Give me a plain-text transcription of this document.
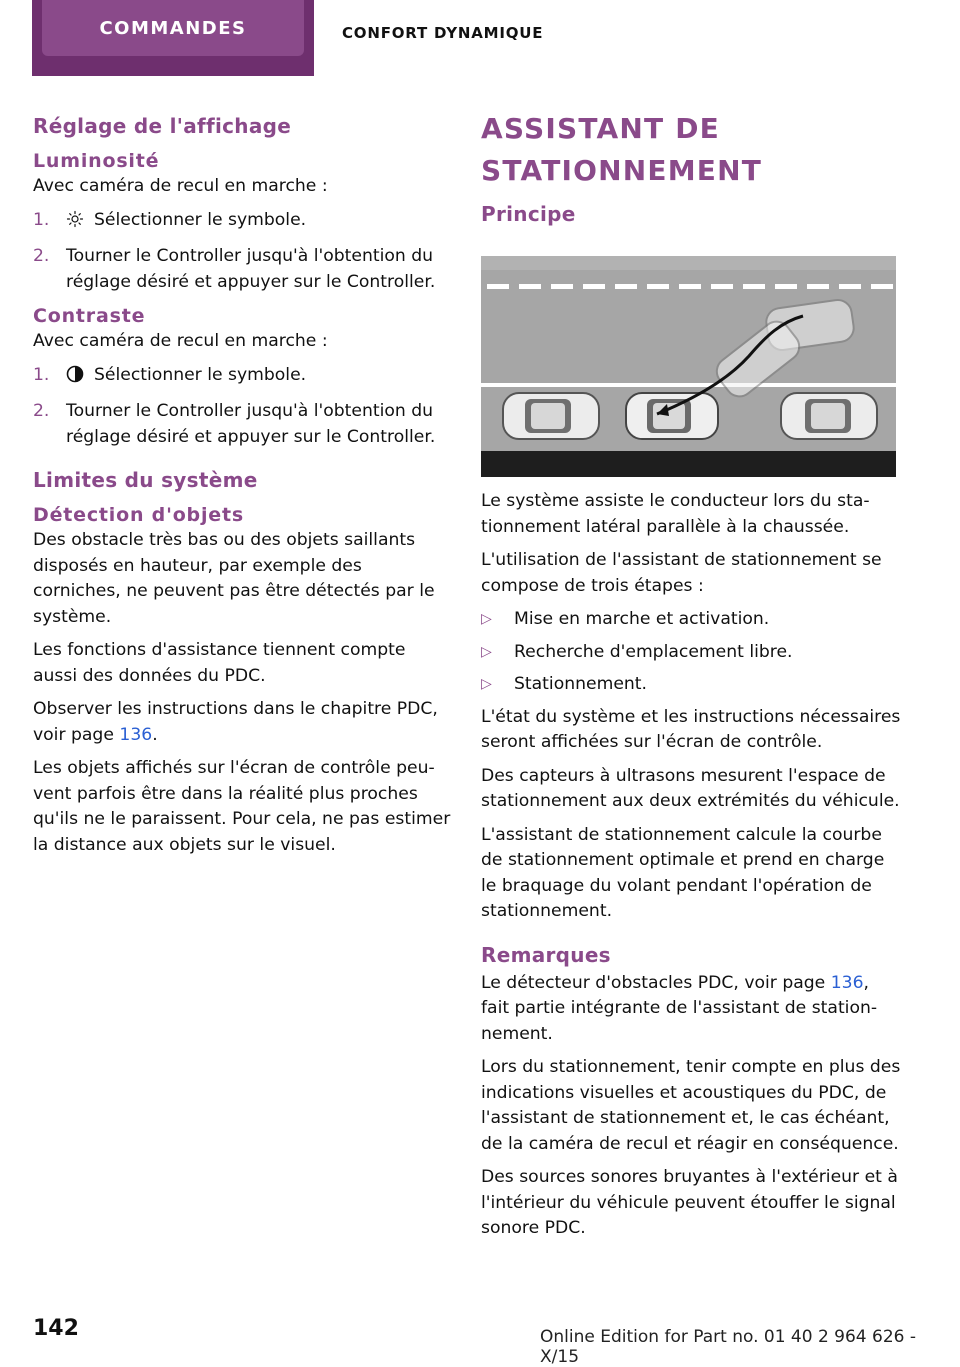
COMMANDES	CONFORT DYNAMIQUE
Réglage de l'affichage
Luminosité

Avec caméra de recul en marche :

1.	Sélectionner le symbole.
2. Tourner le Controller jusqu'à l'obtention du réglage désiré et appuyer sur le Controller.
Contraste

Avec caméra de recul en marche :

1.	Sélectionner le symbole.
2. Tourner le Controller jusqu'à l'obtention du réglage désiré et appuyer sur le Controller.
Limites du système
Détection d'objets

Des obstacle très bas ou des objets saillants disposés en hauteur, par exemple des corniches, ne peuvent pas être détectés par le système.

Les fonctions d'assistance tiennent compte aussi des données du PDC.

Observer les instructions dans le chapitre PDC, voir page 136.

Les objets affichés sur l'écran de contrôle peuvent parfois être dans la réalité plus proches qu'ils ne le paraissent. Pour cela, ne pas estimer la distance aux objets sur le visuel.

ASSISTANT DE STATIONNEMENT
Principe

Le système assiste le conducteur lors du stationnement latéral parallèle à la chaussée.

L'utilisation de l'assistant de stationnement se compose de trois étapes :

▷ Mise en marche et activation.
▷ Recherche d'emplacement libre.
▷ Stationnement.

L'état du système et les instructions nécessaires seront affichées sur l'écran de contrôle.

Des capteurs à ultrasons mesurent l'espace de stationnement aux deux extrémités du véhicule.

L'assistant de stationnement calcule la courbe de stationnement optimale et prend en charge le braquage du volant pendant l'opération de stationnement.

Remarques

Le détecteur d'obstacles PDC, voir page 136, fait partie intégrante de l'assistant de stationnement.

Lors du stationnement, tenir compte en plus des indications visuelles et acoustiques du PDC, de l'assistant de stationnement et, le cas échéant, de la caméra de recul et réagir en conséquence.

Des sources sonores bruyantes à l'extérieur et à l'intérieur du véhicule peuvent étouffer le signal sonore PDC.

142	Online Edition for Part no. 01 40 2 964 626 - X/15
